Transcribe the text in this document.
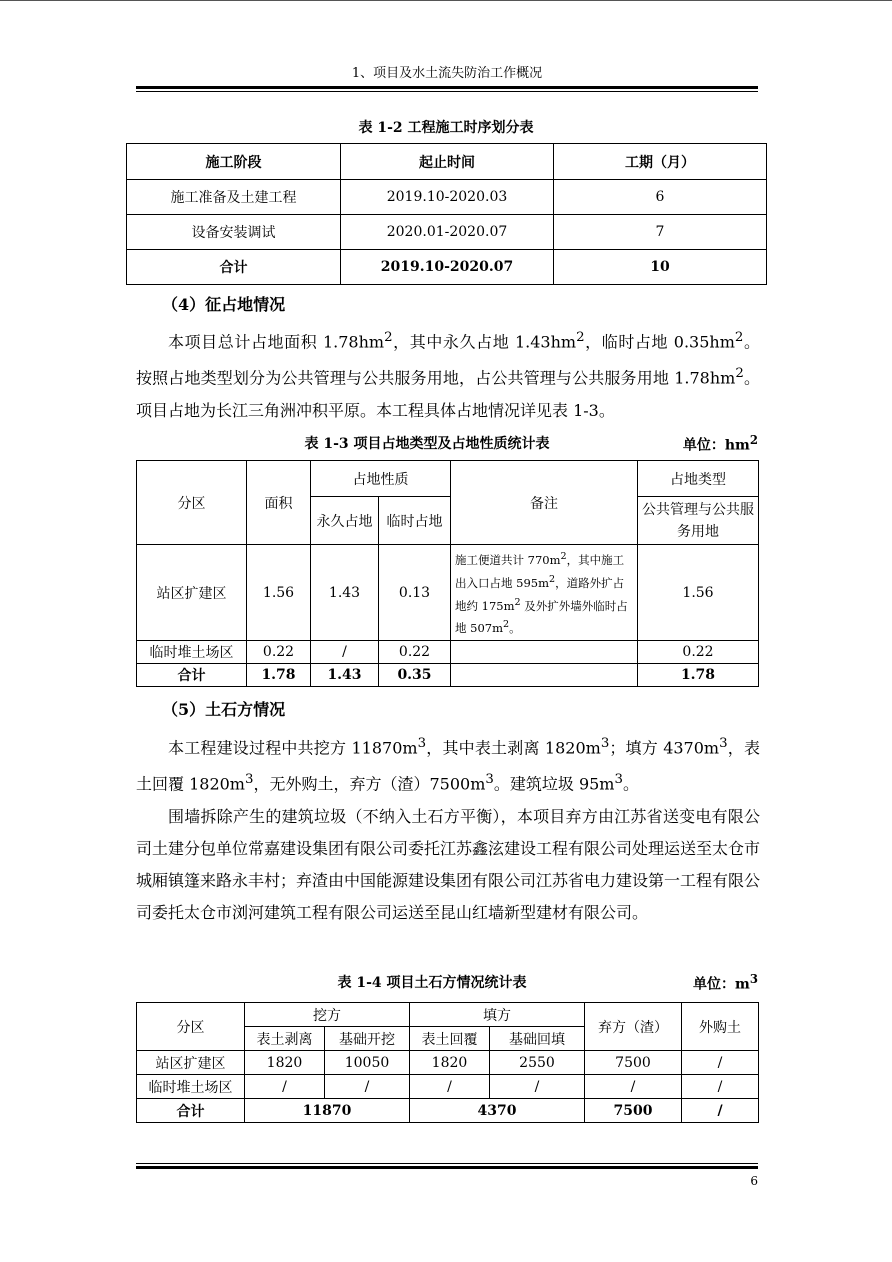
1、项目及水土流失防治工作概况
表 1-2 工程施工时序划分表
施工阶段	起止时间	工期（月）
施工准备及土建工程	2019.10-2020.03	6
设备安装调试	2020.01-2020.07	7
合计	2019.10-2020.07	10
（4）征占地情况

本项目总计占地面积 $1.78hm^2$，其中永久占地 $1.43hm^2$，临时占地 $0.35hm^2$。按照占地类型划分为公共管理与公共服务用地，占公共管理与公共服务用地 $1.78hm^2$。项目占地为长江三角洲冲积平原。本工程具体占地情况详见表 1-3。

表 1-3 项目占地类型及占地性质统计表	单位：$hm^2$
分区	面积	占地性质		备注	占地类型
		永久占地	临时占地		公共管理与公共服务用地
站区扩建区	1.56	1.43	0.13	施工便道共计 $770m^2$，其中施工出入口占地 $595m^2$，道路外扩占地约 $175m^2$ 及外扩外墙外临时占地 $507m^2$。	1.56
临时堆土场区	0.22	/	0.22		0.22
合计	1.78	1.43	0.35		1.78
（5）土石方情况

本工程建设过程中共挖方 $11870m^3$，其中表土剥离 $1820m^3$；填方 $4370m^3$，表土回覆 $1820m^3$，无外购土，弃方（渣）$7500m^3$。建筑垃圾 $95m^3$。

围墙拆除产生的建筑垃圾（不纳入土石方平衡），本项目弃方由江苏省送变电有限公司土建分包单位常嘉建设集团有限公司委托江苏鑫泫建设工程有限公司处理运送至太仓市城厢镇篷来路永丰村；弃渣由中国能源建设集团有限公司江苏省电力建设第一工程有限公司委托太仓市浏河建筑工程有限公司运送至昆山红墙新型建材有限公司。

表 1-4 项目土石方情况统计表	单位：$m^3$
分区	挖方		填方		弃方（渣）	外购土
	表土剥离	基础开挖	表土回覆	基础回填		
站区扩建区	1820	10050	1820	2550	7500	/
临时堆土场区	/	/	/	/	/	/
合计	11870		4370		7500	/
6
